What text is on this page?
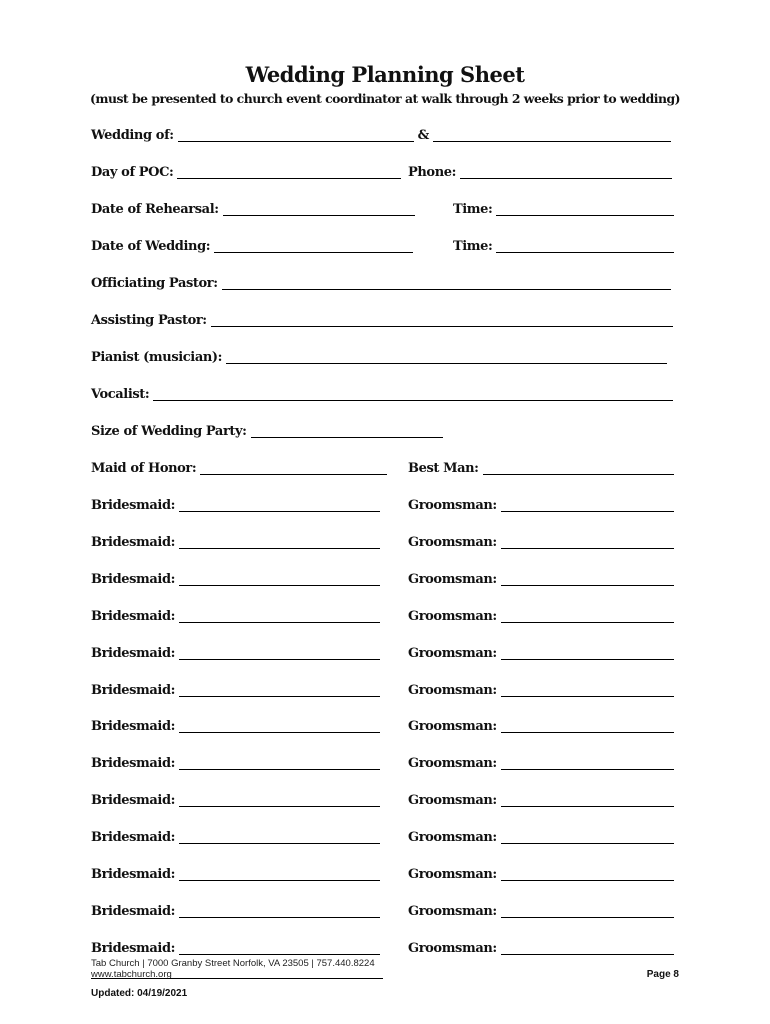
Wedding Planning Sheet
(must be presented to church event coordinator at walk through 2 weeks prior to wedding)
Wedding of:	&
Day of POC:	Phone:
Date of Rehearsal:	Time:
Date of Wedding:	Time:
Officiating Pastor:
Assisting Pastor:
Pianist (musician):
Vocalist:
Size of Wedding Party:
Maid of Honor:	Best Man:
Bridesmaid:	Groomsman:
Bridesmaid:	Groomsman:
Bridesmaid:	Groomsman:
Bridesmaid:	Groomsman:
Bridesmaid:	Groomsman:
Bridesmaid:	Groomsman:
Bridesmaid:	Groomsman:
Bridesmaid:	Groomsman:
Bridesmaid:	Groomsman:
Bridesmaid:	Groomsman:
Bridesmaid:	Groomsman:
Bridesmaid:	Groomsman:
Bridesmaid:	Groomsman:
Tab Church | 7000 Granby Street Norfolk, VA 23505 | 757.440.8224
www.tabchurch.org	Page 8
Updated: 04/19/2021
